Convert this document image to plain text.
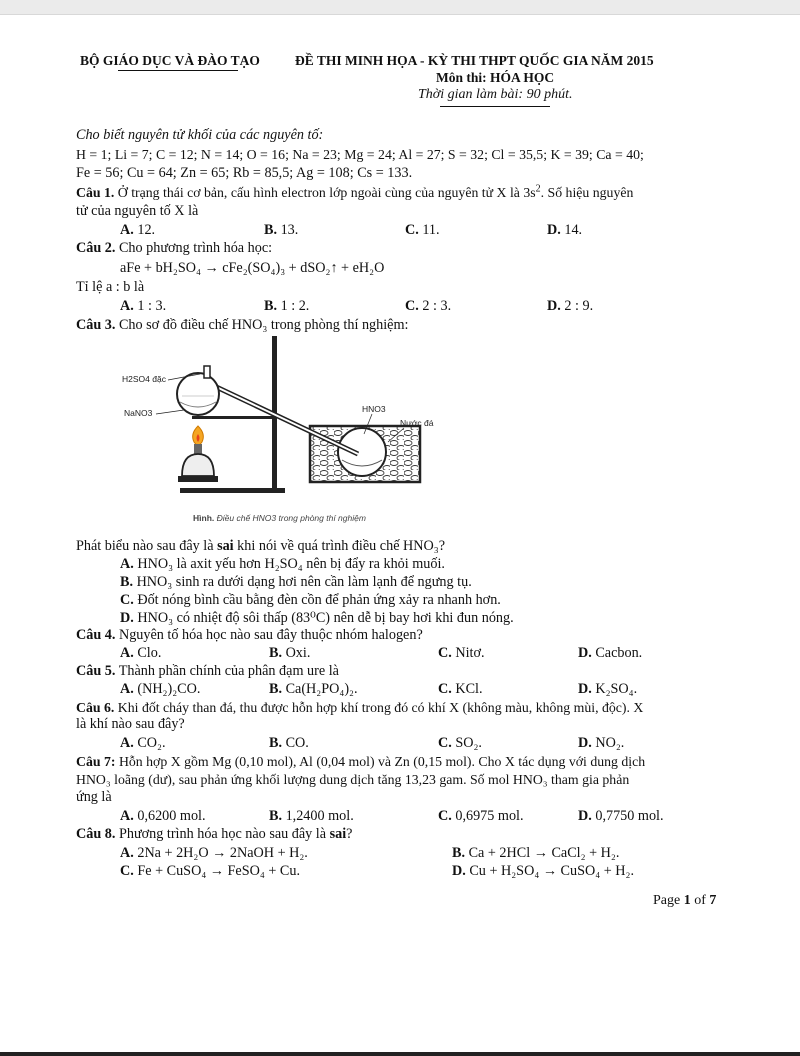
BỘ GIÁO DỤC VÀ ĐÀO TẠO	ĐỀ THI MINH HỌA - KỲ THI THPT QUỐC GIA NĂM 2015
Môn thi: HÓA HỌC
Thời gian làm bài: 90 phút.
Cho biết nguyên tử khối của các nguyên tố:
H = 1; Li = 7; C = 12; N = 14; O = 16; Na = 23; Mg = 24; Al = 27; S = 32; Cl = 35,5; K = 39; Ca = 40;
Fe = 56; Cu = 64; Zn = 65; Rb = 85,5; Ag = 108; Cs = 133.
Câu 1. Ở trạng thái cơ bản, cấu hình electron lớp ngoài cùng của nguyên tử X là $3s^2$. Số hiệu nguyên
tử của nguyên tố X là
A. 12.	B. 13.	C. 11.	D. 14.
Câu 2. Cho phương trình hóa học:
aFe + bH₂SO₄ → cFe₂(SO₄)₃ + dSO₂↑ + eH₂O
Tỉ lệ a : b là
A. 1 : 3.	B. 1 : 2.	C. 2 : 3.	D. 2 : 9.
Câu 3. Cho sơ đồ điều chế HNO₃ trong phòng thí nghiệm:
H2SO4 đặc
NaNO3	HNO3
Nước đá
Hình. Điều chế HNO3 trong phòng thí nghiệm
Phát biểu nào sau đây là sai khi nói về quá trình điều chế HNO₃?
A. HNO₃ là axit yếu hơn H₂SO₄ nên bị đẩy ra khỏi muối.
B. HNO₃ sinh ra dưới dạng hơi nên cần làm lạnh để ngưng tụ.
C. Đốt nóng bình cầu bằng đèn cồn để phản ứng xảy ra nhanh hơn.
D. HNO₃ có nhiệt độ sôi thấp (83⁰C) nên dễ bị bay hơi khi đun nóng.
Câu 4. Nguyên tố hóa học nào sau đây thuộc nhóm halogen?
A. Clo.	B. Oxi.	C. Nitơ.	D. Cacbon.
Câu 5. Thành phần chính của phân đạm ure là
A. (NH₂)₂CO.	B. Ca(H₂PO₄)₂.	C. KCl.	D. K₂SO₄.
Câu 6. Khi đốt cháy than đá, thu được hỗn hợp khí trong đó có khí X (không màu, không mùi, độc). X
là khí nào sau đây?
A. CO₂.	B. CO.	C. SO₂.	D. NO₂.
Câu 7: Hỗn hợp X gồm Mg (0,10 mol), Al (0,04 mol) và Zn (0,15 mol). Cho X tác dụng với dung dịch
HNO₃ loãng (dư), sau phản ứng khối lượng dung dịch tăng 13,23 gam. Số mol HNO₃ tham gia phản
ứng là
A. 0,6200 mol.	B. 1,2400 mol.	C. 0,6975 mol.	D. 0,7750 mol.
Câu 8. Phương trình hóa học nào sau đây là sai?
A. 2Na + 2H₂O → 2NaOH + H₂.	B. Ca + 2HCl → CaCl₂ + H₂.
C. Fe + CuSO₄ → FeSO₄ + Cu.	D. Cu + H₂SO₄ → CuSO₄ + H₂.
Page 1 of 7
